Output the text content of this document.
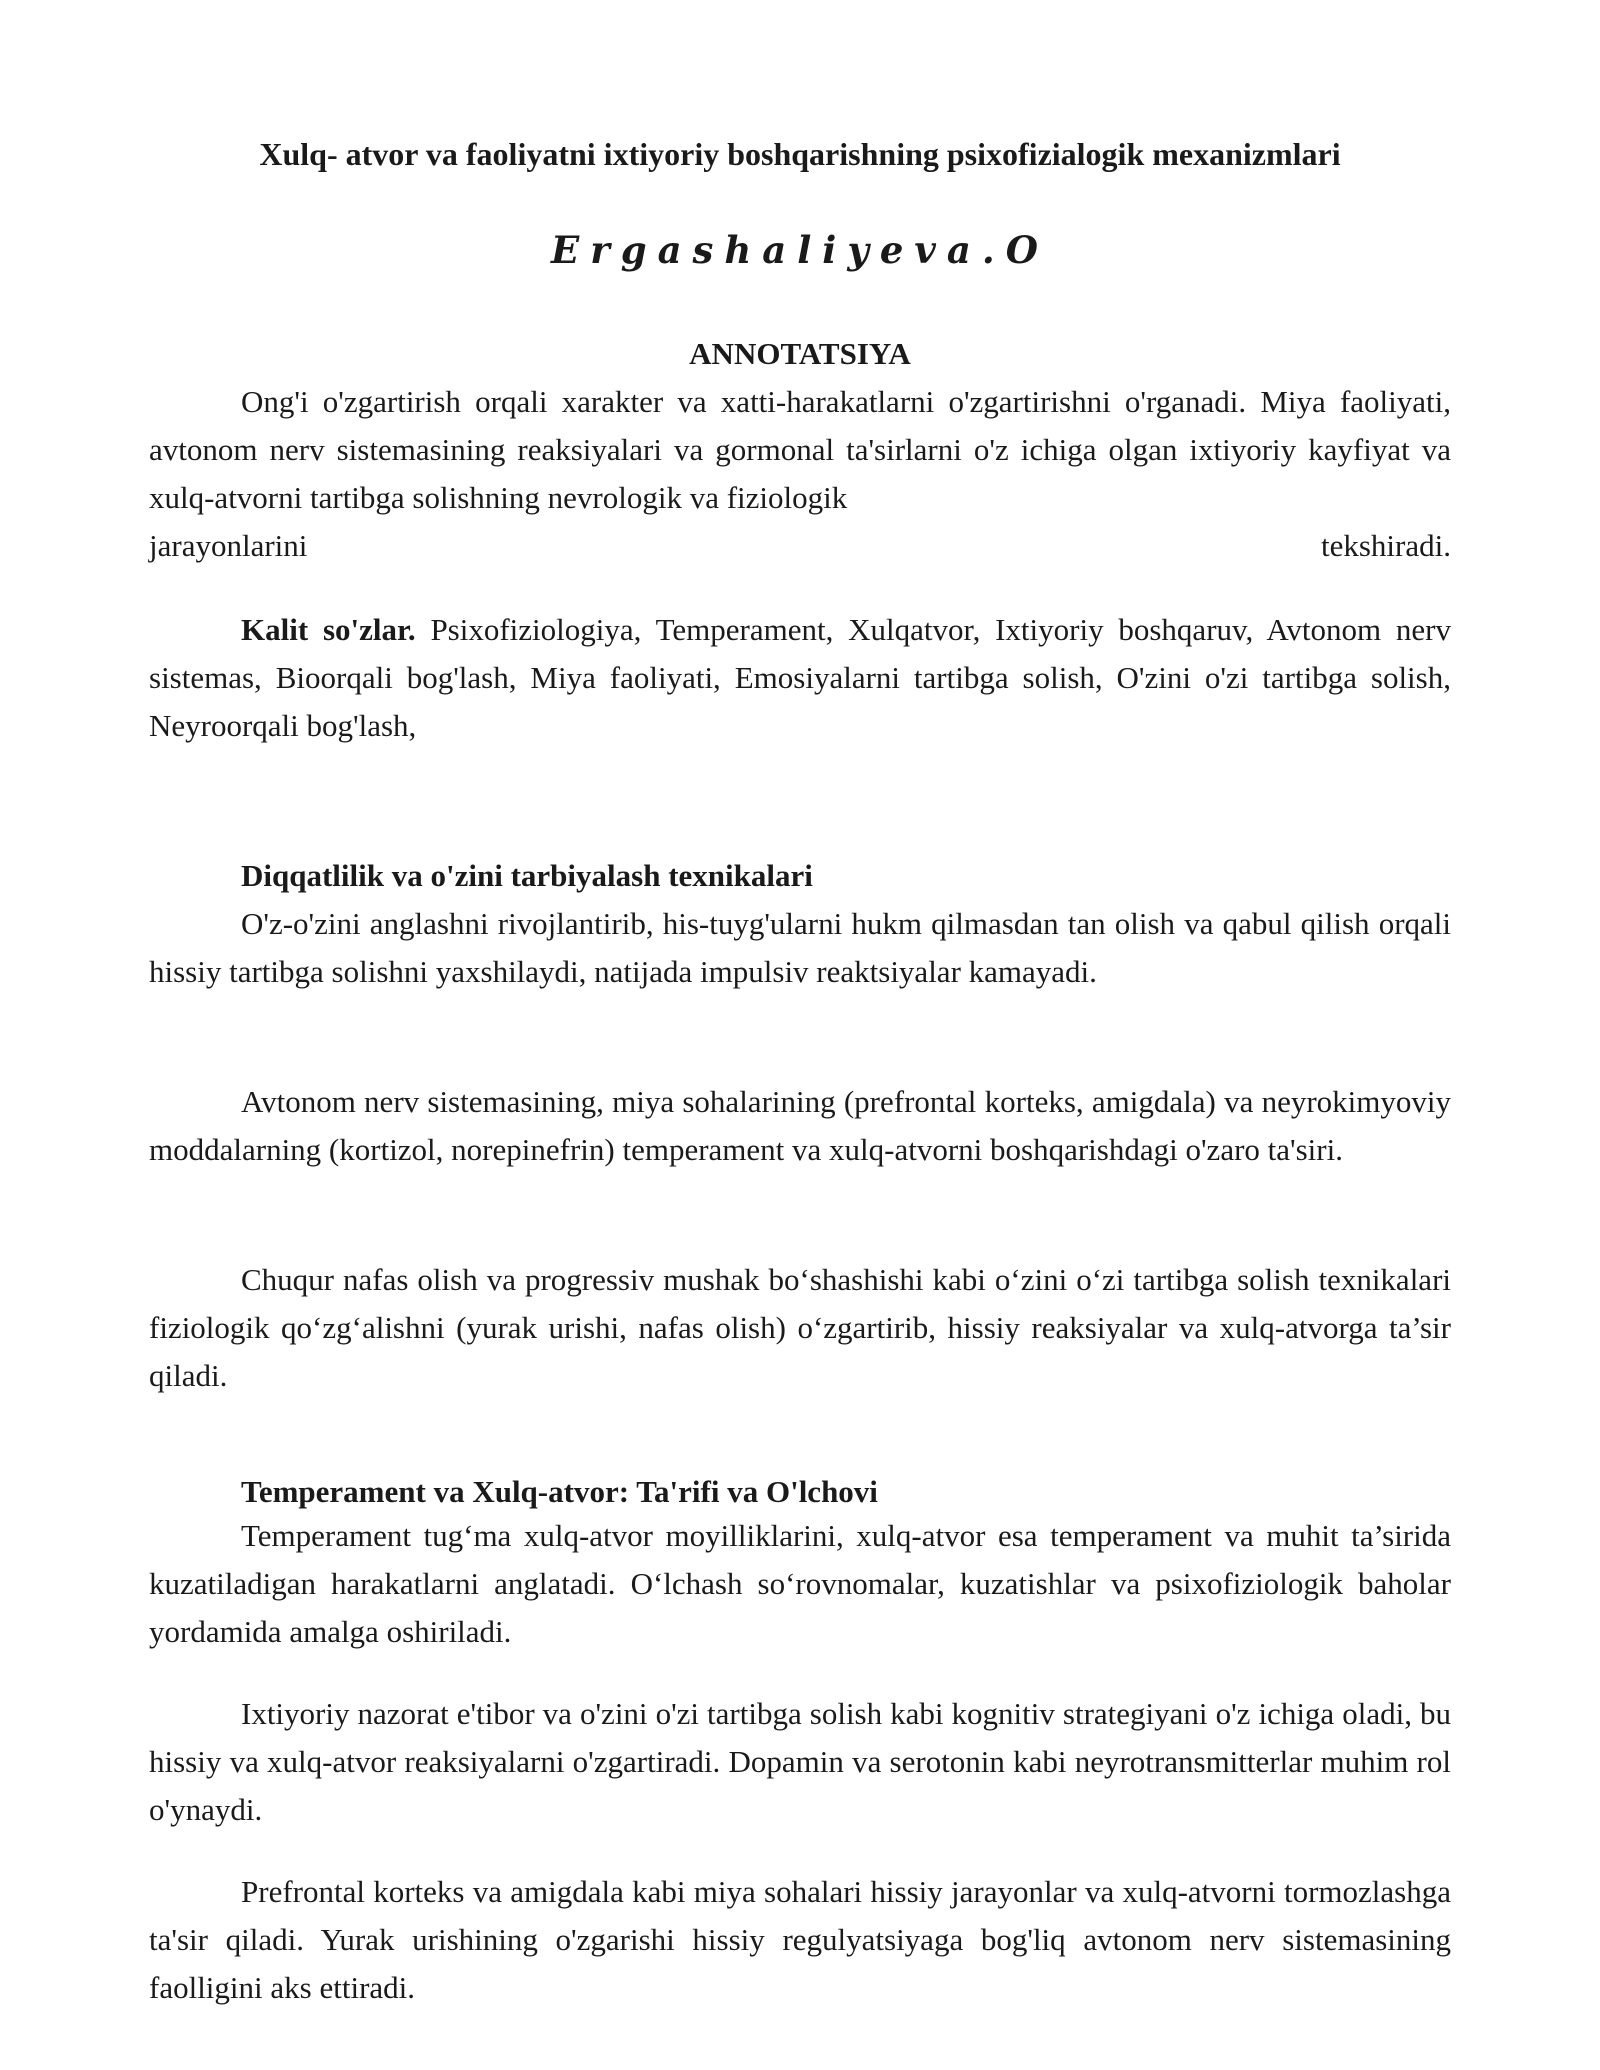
Xulq- atvor va faoliyatni ixtiyoriy boshqarishning psixofizialogik mexanizmlari
Ergashaliyeva.O
ANNOTATSIYA
Ong'i o'zgartirish orqali xarakter va xatti-harakatlarni o'zgartirishni o'rganadi. Miya faoliyati, avtonom nerv sistemasining reaksiyalari va gormonal ta'sirlarni o'z ichiga olgan ixtiyoriy kayfiyat va xulq-atvorni tartibga solishning nevrologik va fiziologik
jarayonlarini tekshiradi.
Kalit so'zlar. Psixofiziologiya, Temperament, Xulqatvor, Ixtiyoriy boshqaruv, Avtonom nerv sistemas, Bioorqali bog'lash, Miya faoliyati, Emosiyalarni tartibga solish, O'zini o'zi tartibga solish, Neyroorqali bog'lash,
Diqqatlilik va o'zini tarbiyalash texnikalari
O'z-o'zini anglashni rivojlantirib, his-tuyg'ularni hukm qilmasdan tan olish va qabul qilish orqali hissiy tartibga solishni yaxshilaydi, natijada impulsiv reaktsiyalar kamayadi.
Avtonom nerv sistemasining, miya sohalarining (prefrontal korteks, amigdala) va neyrokimyoviy moddalarning (kortizol, norepinefrin) temperament va xulq-atvorni boshqarishdagi o'zaro ta'siri.
Chuqur nafas olish va progressiv mushak bo‘shashishi kabi o‘zini o‘zi tartibga solish texnikalari fiziologik qo‘zg‘alishni (yurak urishi, nafas olish) o‘zgartirib, hissiy reaksiyalar va xulq-atvorga ta’sir qiladi.
Temperament va Xulq-atvor: Ta'rifi va O'lchovi
Temperament tug‘ma xulq-atvor moyilliklarini, xulq-atvor esa temperament va muhit ta’sirida kuzatiladigan harakatlarni anglatadi. O‘lchash so‘rovnomalar, kuzatishlar va psixofiziologik baholar yordamida amalga oshiriladi.
Ixtiyoriy nazorat e'tibor va o'zini o'zi tartibga solish kabi kognitiv strategiyani o'z ichiga oladi, bu hissiy va xulq-atvor reaksiyalarni o'zgartiradi. Dopamin va serotonin kabi neyrotransmitterlar muhim rol o'ynaydi.
Prefrontal korteks va amigdala kabi miya sohalari hissiy jarayonlar va xulq-atvorni tormozlashga ta'sir qiladi. Yurak urishining o'zgarishi hissiy regulyatsiyaga bog'liq avtonom nerv sistemasining faolligini aks ettiradi.
